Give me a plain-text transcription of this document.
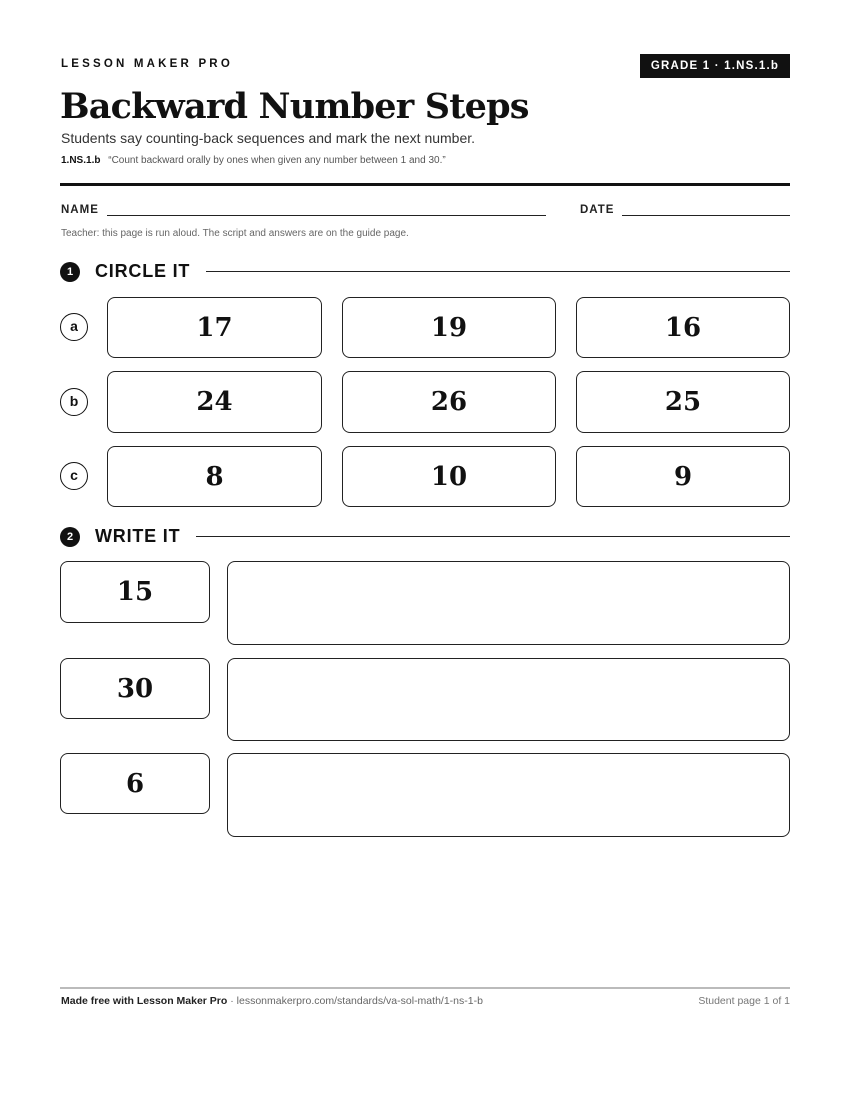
LESSON MAKER PRO	GRADE 1 · 1.NS.1.b
Backward Number Steps
Students say counting-back sequences and mark the next number.
1.NS.1.b “Count backward orally by ones when given any number between 1 and 30.”
NAME	DATE
Teacher: this page is run aloud. The script and answers are on the guide page.
1	CIRCLE IT
a	17	19	16
b	24	26	25
c	8	10	9
2	WRITE IT
15
30
6
Made free with Lesson Maker Pro · lessonmakerpro.com/standards/va-sol-math/1-ns-1-b	Student page 1 of 1
